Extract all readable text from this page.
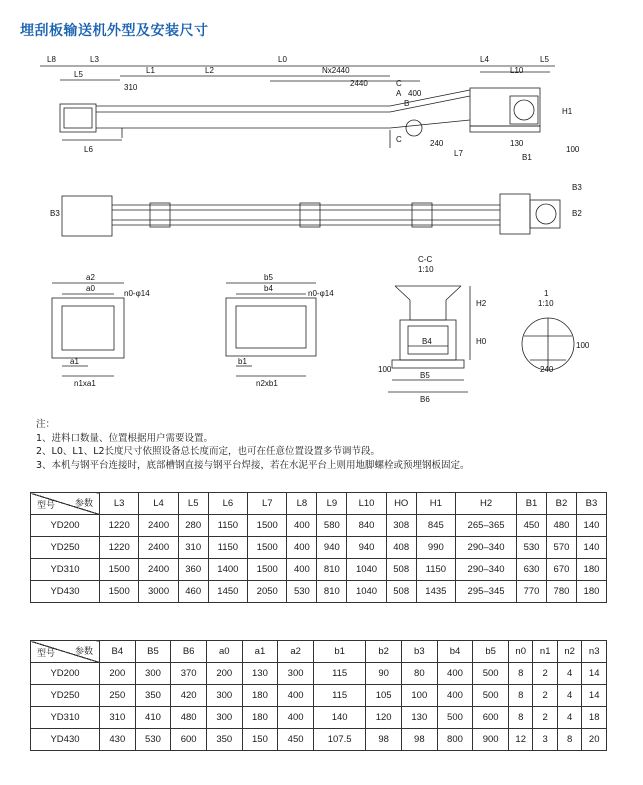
埋刮板输送机外型及安装尺寸
L8	L3
L5	L1	L2
L0
Nx2440
2440
L4
L10
L5
L6
310
400
A
B
C
C
H1
240
L7
130
B1
100
B3
B2
B3
C-C
1:10
1
1:10
a2
a0
a1
n1xa1
n0-φ14
b5
b4
b1
n2xb1
n0-φ14
H2
H0
B4
B5
B6
100
100
240
注：
1、进料口数量、位置根据用户需要设置。
2、L0、L1、L2长度尺寸依照设备总长度而定，也可在任意位置设置多节调节段。
3、本机与钢平台连接时，底部槽钢直接与钢平台焊接，若在水泥平台上则用地脚螺栓或预埋钢板固定。
参数
型号	L3	L4	L5	L6	L7	L8	L9	L10	HO	H1	H2	B1	B2	B3
YD200	1220	2400	280	1150	1500	400	580	840	308	845	265–365	450	480	140
YD250	1220	2400	310	1150	1500	400	940	940	408	990	290–340	530	570	140
YD310	1500	2400	360	1400	1500	400	810	1040	508	1150	290–340	630	670	180
YD430	1500	3000	460	1450	2050	530	810	1040	508	1435	295–345	770	780	180
参数
型号	B4	B5	B6	a0	a1	a2	b1	b2	b3	b4	b5	n0	n1	n2	n3
YD200	200	300	370	200	130	300	115	90	80	400	500	8	2	4	14
YD250	250	350	420	300	180	400	115	105	100	400	500	8	2	4	14
YD310	310	410	480	300	180	400	140	120	130	500	600	8	2	4	18
YD430	430	530	600	350	150	450	107.5	98	98	800	900	12	3	8	20
